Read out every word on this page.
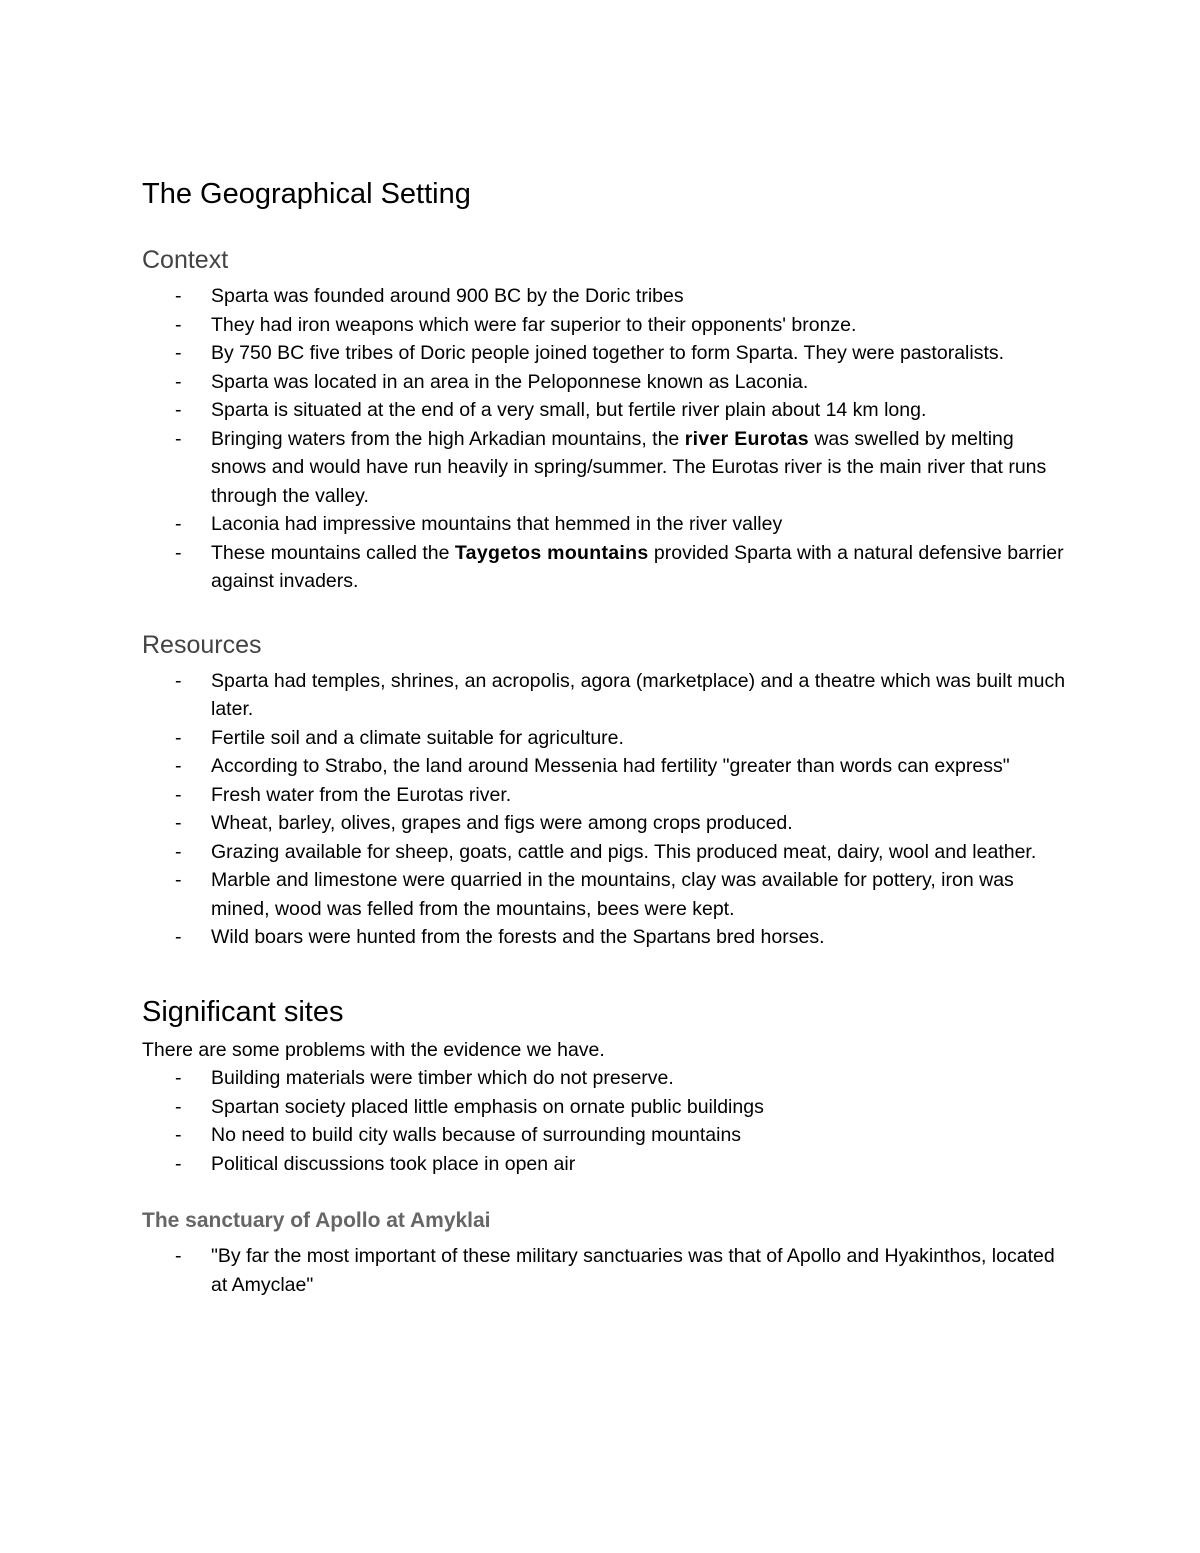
The Geographical Setting
Context
- Sparta was founded around 900 BC by the Doric tribes
- They had iron weapons which were far superior to their opponents' bronze.
- By 750 BC five tribes of Doric people joined together to form Sparta. They were pastoralists.
- Sparta was located in an area in the Peloponnese known as Laconia.
- Sparta is situated at the end of a very small, but fertile river plain about 14 km long.
- Bringing waters from the high Arkadian mountains, the river Eurotas was swelled by melting snows and would have run heavily in spring/summer. The Eurotas river is the main river that runs through the valley.
- Laconia had impressive mountains that hemmed in the river valley
- These mountains called the Taygetos mountains provided Sparta with a natural defensive barrier against invaders.
Resources
- Sparta had temples, shrines, an acropolis, agora (marketplace) and a theatre which was built much later.
- Fertile soil and a climate suitable for agriculture.
- According to Strabo, the land around Messenia had fertility "greater than words can express"
- Fresh water from the Eurotas river.
- Wheat, barley, olives, grapes and figs were among crops produced.
- Grazing available for sheep, goats, cattle and pigs. This produced meat, dairy, wool and leather.
- Marble and limestone were quarried in the mountains, clay was available for pottery, iron was mined, wood was felled from the mountains, bees were kept.
- Wild boars were hunted from the forests and the Spartans bred horses.
Significant sites

There are some problems with the evidence we have.

- Building materials were timber which do not preserve.
- Spartan society placed little emphasis on ornate public buildings
- No need to build city walls because of surrounding mountains
- Political discussions took place in open air
The sanctuary of Apollo at Amyklai
- "By far the most important of these military sanctuaries was that of Apollo and Hyakinthos, located at Amyclae"
